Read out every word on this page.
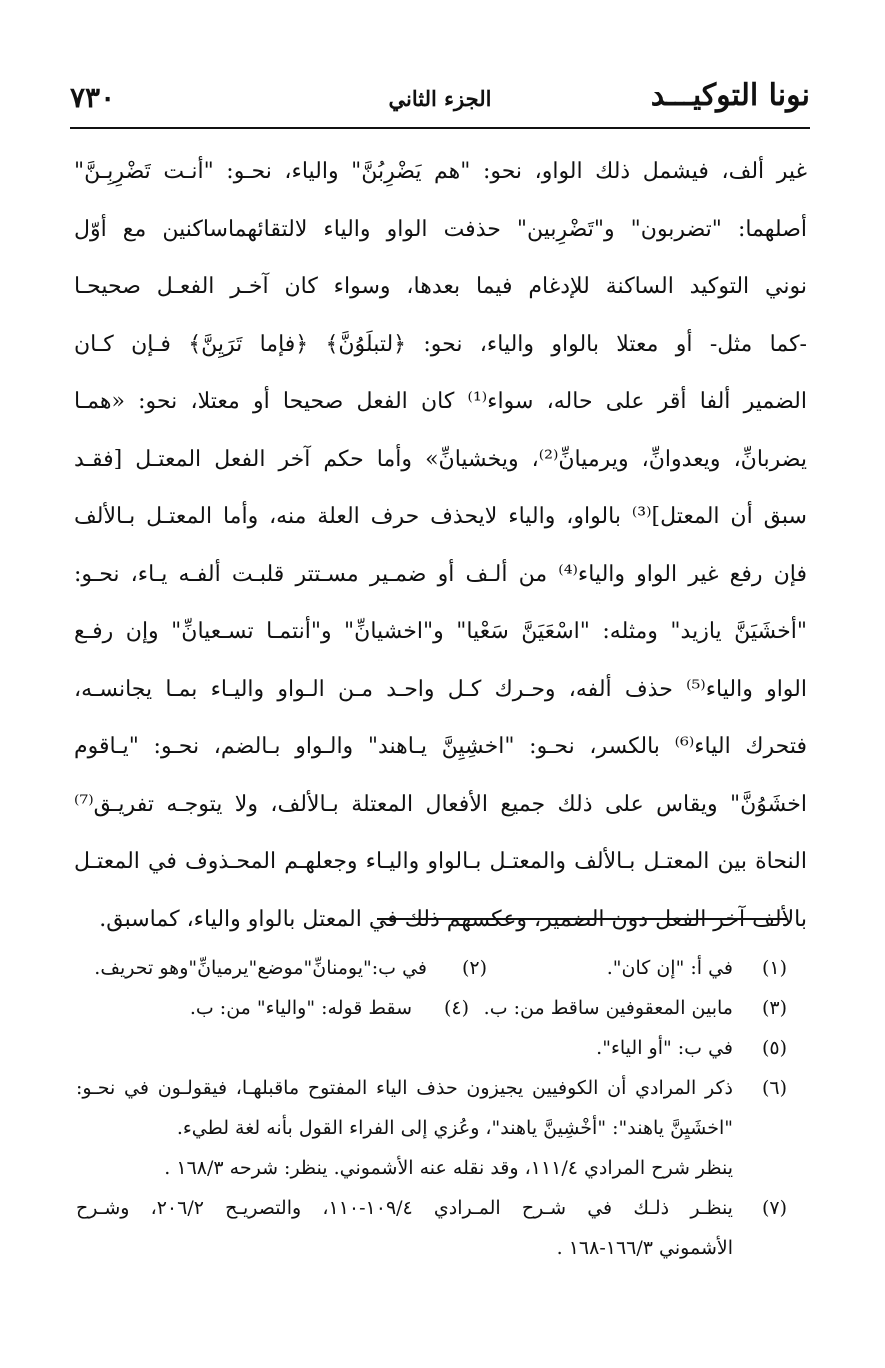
نونا التوكيـــد
الجزء الثاني
٧٣٠
غير ألف، فيشمل ذلك الواو، نحو: "هم يَضْرِبُنَّ" والياء، نحـو: "أنـت تَضْرِبِـنَّ"
أصلهما: "تضربون" و"تَضْرِبين" حذفت الواو والياء لالتقائهماساكنين مع أوّل
نوني التوكيد الساكنة للإدغام فيما بعدها، وسواء كان آخـر الفعـل صحيحـا
-كما مثل- أو معتلا بالواو والياء، نحو: ﴿لتبلَوُنَّ﴾ ﴿فإما تَرَيِنَّ﴾ فـإن كـان
الضمير ألفا أقر على حاله، سواء⁽¹⁾ كان الفعل صحيحا أو معتلا، نحو: «همـا
يضربانِّ، ويعدوانِّ، ويرميانِّ⁽²⁾، ويخشيانِّ» وأما حكم آخر الفعل المعتـل [فقـد
سبق أن المعتل]⁽³⁾ بالواو، والياء لايحذف حرف العلة منه، وأما المعتـل بـالألف
فإن رفع غير الواو والياء⁽⁴⁾ من ألـف أو ضمـير مسـتتر قلبـت ألفـه يـاء، نحـو:
"أخشَيَنَّ يازيد" ومثله: "اسْعَيَنَّ سَعْيا" و"اخشيانِّ" و"أنتمـا تسـعيانِّ" وإن رفـع
الواو والياء⁽⁵⁾ حذف ألفه، وحـرك كـل واحـد مـن الـواو واليـاء بمـا يجانسـه،
فتحرك الياء⁽⁶⁾ بالكسر، نحـو: "اخشِيِنَّ يـاهند" والـواو بـالضم، نحـو: "يـاقوم
اخشَوُنَّ" ويقاس على ذلك جميع الأفعال المعتلة بـالألف، ولا يتوجـه تفريـق⁽⁷⁾
النحاة بين المعتـل بـالألف والمعتـل بـالواو واليـاء وجعلهـم المحـذوف في المعتـل
بالألف آخر الفعل دون الضمير، وعكسهم ذلك في المعتل بالواو والياء، كماسبق.
(١)
في أ: "إن كان".
(٢)
في ب:"يومنانِّ"موضع"يرميانِّ"وهو تحريف.
(٣)
مابين المعقوفين ساقط من: ب.
(٤)
سقط قوله: "والياء" من: ب.
(٥)
في ب: "أو الياء".
(٦)
ذكر المرادي أن الكوفيين يجيزون حذف الياء المفتوح ماقبلهـا، فيقولـون في نحـو:
"اخشَيِنَّ ياهند": "أخْشِينَّ ياهند"، وعُزي إلى الفراء القول بأنه لغة لطيء.
ينظر شرح المرادي ١١١/٤، وقد نقله عنه الأشموني. ينظر: شرحه ١٦٨/٣ .
(٧)
ينظـر ذلـك في شـرح المـرادي ١٠٩/٤-١١٠، والتصريـح ٢٠٦/٢، وشـرح
الأشموني ١٦٦/٣-١٦٨ .
